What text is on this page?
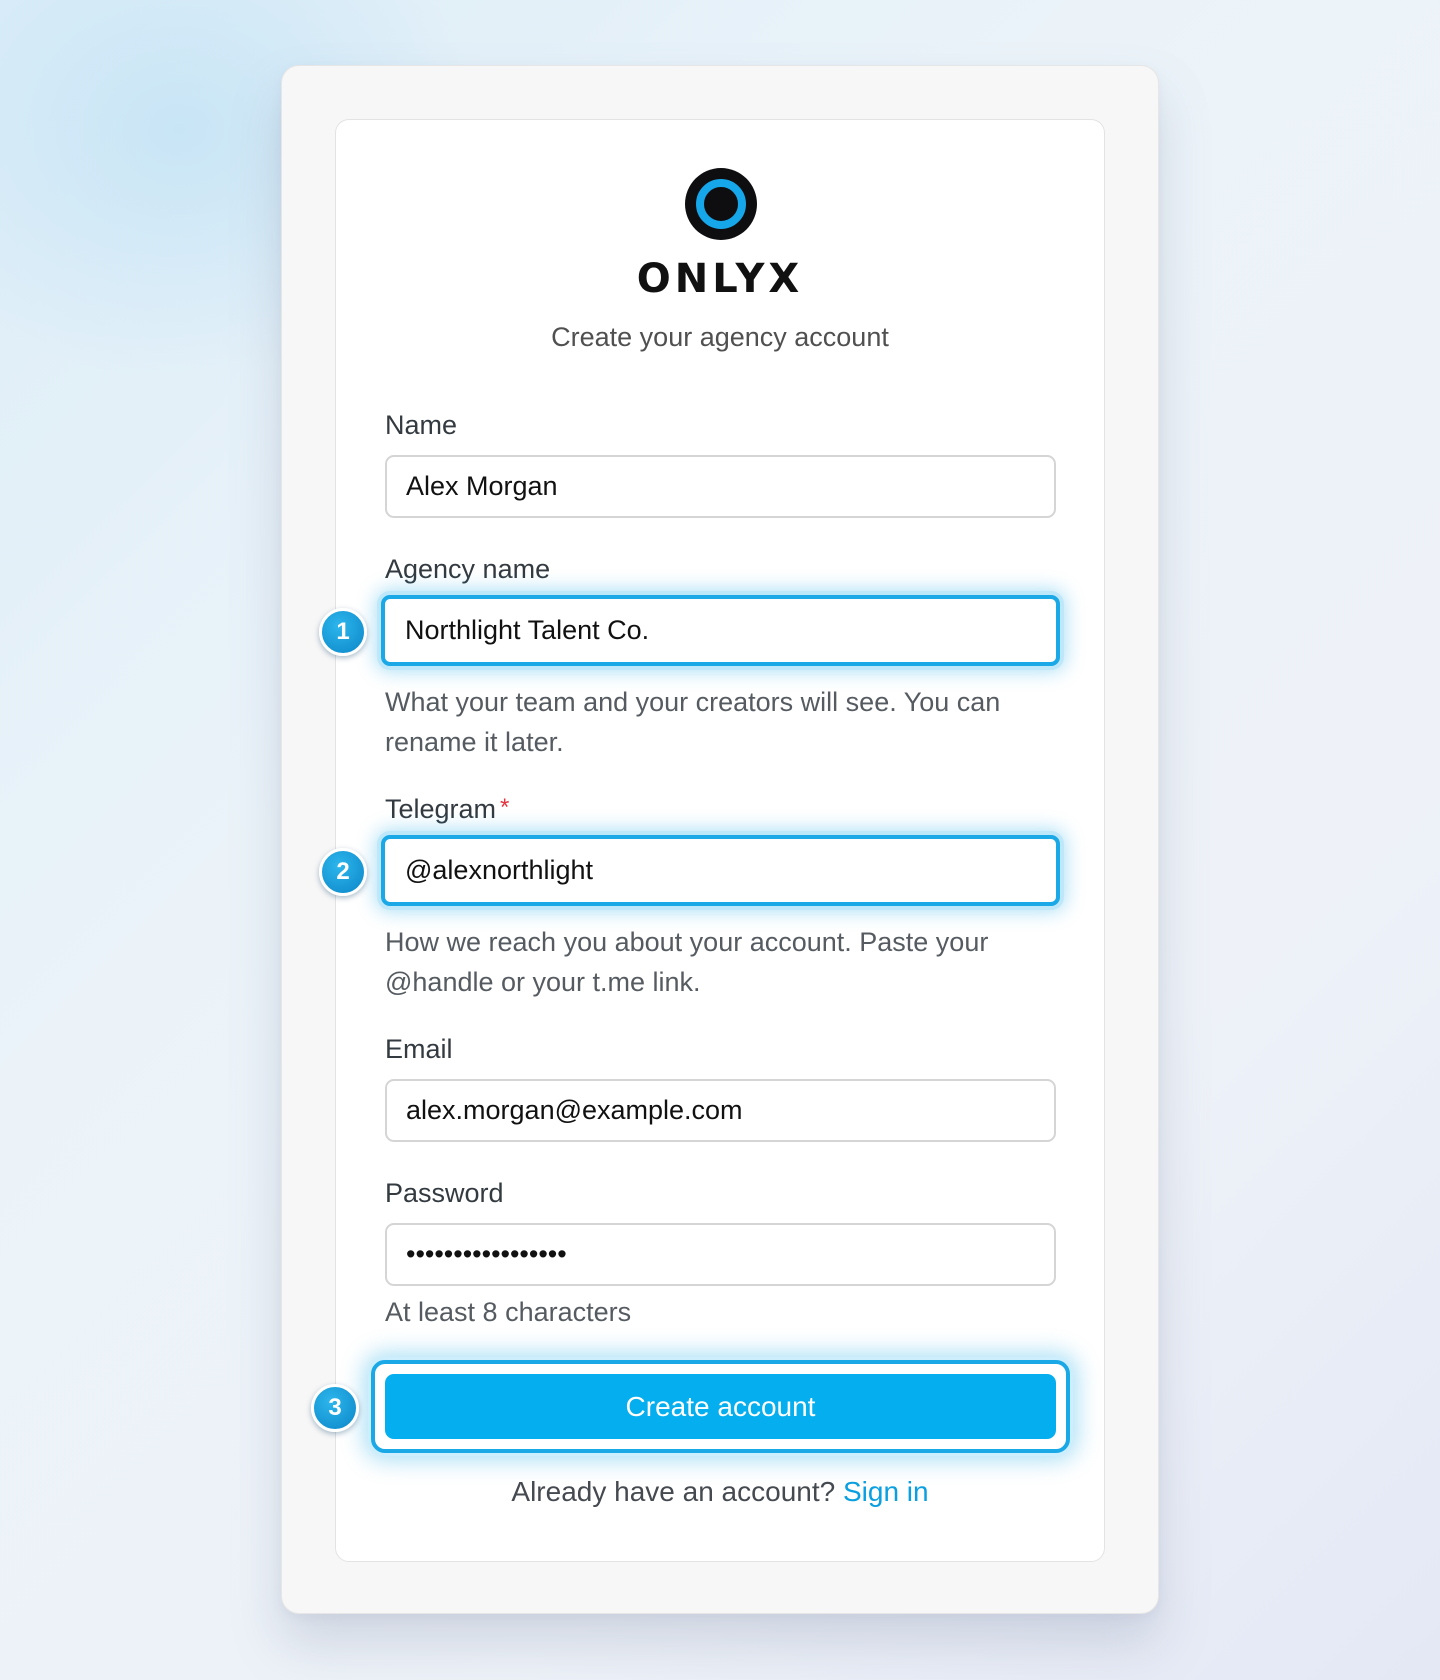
ONLYX
Create your agency account
Name
Alex Morgan
Agency name
Northlight Talent Co.
What your team and your creators will see. You can rename it later.
Telegram *
@alexnorthlight
How we reach you about your account. Paste your @handle or your t.me link.
Email
alex.morgan@example.com
Password
•••••••••••••••••
At least 8 characters
Create account
Already have an account? Sign in
1
2
3
